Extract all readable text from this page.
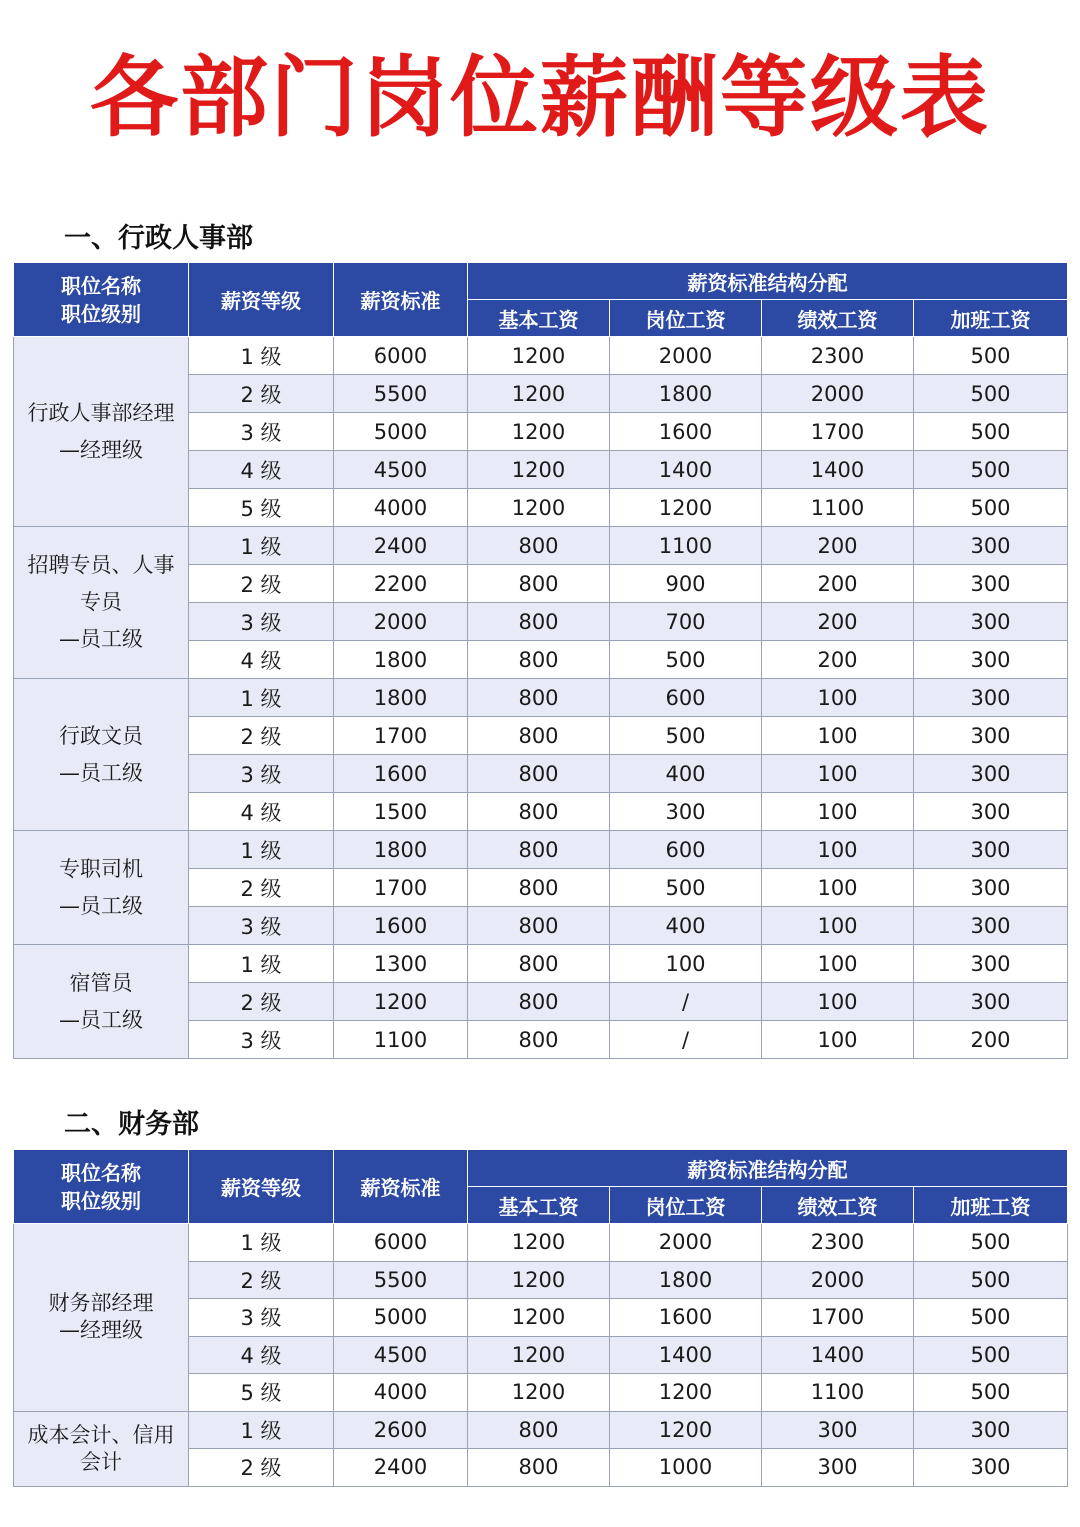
各部门岗位薪酬等级表
一、行政人事部
职位名称
职位级别	薪资等级	薪资标准	薪资标准结构分配			
			基本工资	岗位工资	绩效工资	加班工资

行政人事部经理
—经理级	1 级	6000	1200	2000	2300	500
	2 级	5500	1200	1800	2000	500
	3 级	5000	1200	1600	1700	500
	4 级	4500	1200	1400	1400	500
	5 级	4000	1200	1200	1100	500

招聘专员、人事
专员
—员工级	1 级	2400	800	1100	200	300
	2 级	2200	800	900	200	300
	3 级	2000	800	700	200	300
	4 级	1800	800	500	200	300

行政文员
—员工级	1 级	1800	800	600	100	300
	2 级	1700	800	500	100	300
	3 级	1600	800	400	100	300
	4 级	1500	800	300	100	300

专职司机
—员工级	1 级	1800	800	600	100	300
	2 级	1700	800	500	100	300
	3 级	1600	800	400	100	300

宿管员
—员工级	1 级	1300	800	100	100	300
	2 级	1200	800	/	100	300
	3 级	1100	800	/	100	200
二、财务部
职位名称
职位级别	薪资等级	薪资标准	薪资标准结构分配			
			基本工资	岗位工资	绩效工资	加班工资

财务部经理
—经理级	1 级	6000	1200	2000	2300	500
	2 级	5500	1200	1800	2000	500
	3 级	5000	1200	1600	1700	500
	4 级	4500	1200	1400	1400	500
	5 级	4000	1200	1200	1100	500

成本会计、信用
会计	1 级	2600	800	1200	300	300
	2 级	2400	800	1000	300	300
